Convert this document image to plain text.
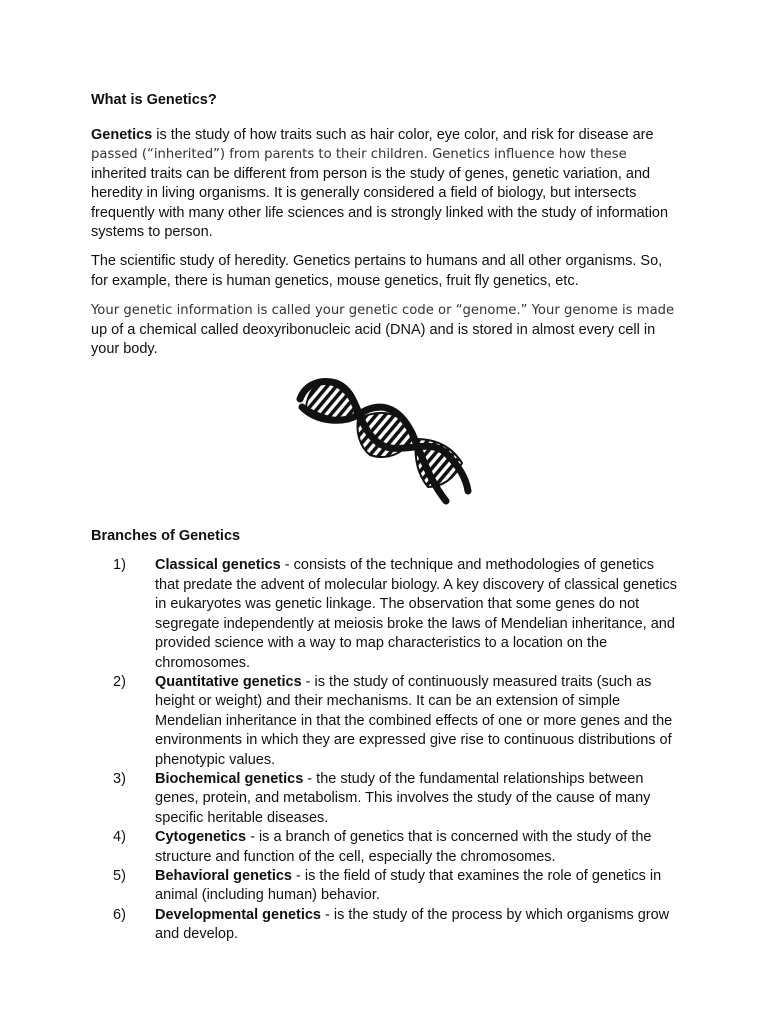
What is Genetics?

Genetics is the study of how traits such as hair color, eye color, and risk for disease are
passed (“inherited”) from parents to their children. Genetics influence how these
inherited traits can be different from person is the study of genes, genetic variation, and heredity in living organisms. It is generally considered a field of biology, but intersects frequently with many other life sciences and is strongly linked with the study of information systems to person.

The scientific study of heredity. Genetics pertains to humans and all other organisms. So, for example, there is human genetics, mouse genetics, fruit fly genetics, etc.

Your genetic information is called your genetic code or “genome.” Your genome is made
up of a chemical called deoxyribonucleic acid (DNA) and is stored in almost every cell in your body.

Branches of Genetics
1) Classical genetics - consists of the technique and methodologies of genetics that predate the advent of molecular biology. A key discovery of classical genetics in eukaryotes was genetic linkage. The observation that some genes do not segregate independently at meiosis broke the laws of Mendelian inheritance, and provided science with a way to map characteristics to a location on the chromosomes.
2) Quantitative genetics - is the study of continuously measured traits (such as height or weight) and their mechanisms. It can be an extension of simple Mendelian inheritance in that the combined effects of one or more genes and the environments in which they are expressed give rise to continuous distributions of phenotypic values.
3) Biochemical genetics - the study of the fundamental relationships between genes, protein, and metabolism. This involves the study of the cause of many specific heritable diseases.
4) Cytogenetics - is a branch of genetics that is concerned with the study of the structure and function of the cell, especially the chromosomes.
5) Behavioral genetics - is the field of study that examines the role of genetics in animal (including human) behavior.
6) Developmental genetics - is the study of the process by which organisms grow and develop.
